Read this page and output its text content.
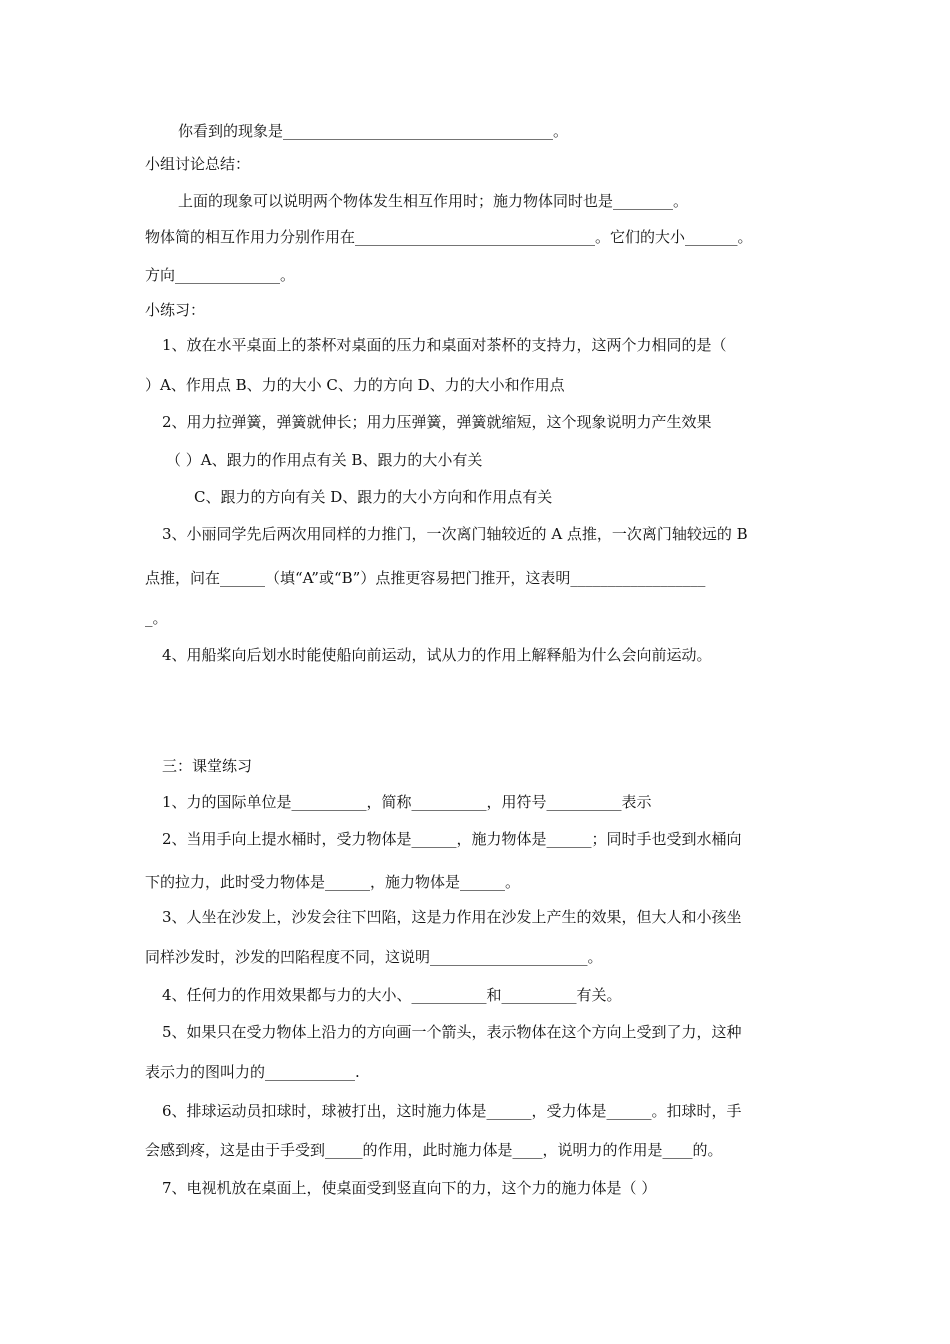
你看到的现象是____________________________________。
小组讨论总结：
上面的现象可以说明两个物体发生相互作用时；施力物体同时也是________。
物体简的相互作用力分别作用在________________________________。它们的大小_______。
方向______________。
小练习：
1、放在水平桌面上的茶杯对桌面的压力和桌面对茶杯的支持力，这两个力相同的是（
）A、作用点 B、力的大小 C、力的方向 D、力的大小和作用点
2、用力拉弹簧，弹簧就伸长；用力压弹簧，弹簧就缩短，这个现象说明力产生效果
（ ）A、跟力的作用点有关 B、跟力的大小有关
C、跟力的方向有关 D、跟力的大小方向和作用点有关
3、小丽同学先后两次用同样的力推门，一次离门轴较近的 A 点推，一次离门轴较远的 B
点推，问在______（填“A”或“B”）点推更容易把门推开，这表明__________________
_。
4、用船桨向后划水时能使船向前运动，试从力的作用上解释船为什么会向前运动。
三：课堂练习
1、力的国际单位是__________，简称__________，用符号__________表示
2、当用手向上提水桶时，受力物体是______，施力物体是______；同时手也受到水桶向
下的拉力，此时受力物体是______，施力物体是______。
3、人坐在沙发上，沙发会往下凹陷，这是力作用在沙发上产生的效果，但大人和小孩坐
同样沙发时，沙发的凹陷程度不同，这说明_____________________。
4、任何力的作用效果都与力的大小、__________和__________有关。
5、如果只在受力物体上沿力的方向画一个箭头，表示物体在这个方向上受到了力，这种
表示力的图叫力的____________.
6、排球运动员扣球时，球被打出，这时施力体是______，受力体是______。扣球时，手
会感到疼，这是由于手受到_____的作用，此时施力体是____，说明力的作用是____的。
7、电视机放在桌面上，使桌面受到竖直向下的力，这个力的施力体是（ ）
